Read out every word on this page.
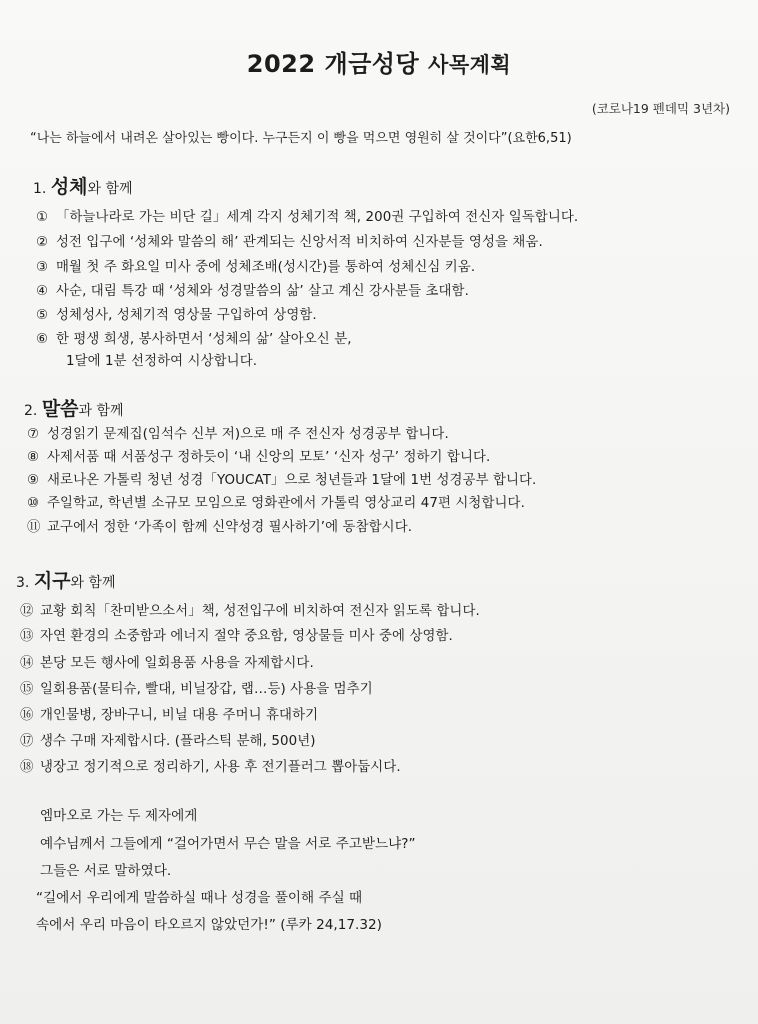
2022 개금성당 사목계획
(코로나19 펜데믹 3년차)
“나는 하늘에서 내려온 살아있는 빵이다. 누구든지 이 빵을 먹으면 영원히 살 것이다”(요한6,51)
1. 성체와 함께
① 「하늘나라로 가는 비단 길」세계 각지 성체기적 책, 200권 구입하여 전신자 일독합니다.
② 성전 입구에 ‘성체와 말씀의 해’ 관계되는 신앙서적 비치하여 신자분들 영성을 채움.
③ 매월 첫 주 화요일 미사 중에 성체조배(성시간)를 통하여 성체신심 키움.
④ 사순, 대림 특강 때 ‘성체와 성경말씀의 삶’ 살고 계신 강사분들 초대함.
⑤ 성체성사, 성체기적 영상물 구입하여 상영함.
⑥ 한 평생 희생, 봉사하면서 ‘성체의 삶’ 살아오신 분,
1달에 1분 선정하여 시상합니다.
2. 말씀과 함께
⑦ 성경읽기 문제집(임석수 신부 저)으로 매 주 전신자 성경공부 합니다.
⑧ 사제서품 때 서품성구 정하듯이 ‘내 신앙의 모토’ ‘신자 성구’ 정하기 합니다.
⑨ 새로나온 가톨릭 청년 성경「YOUCAT」으로 청년들과 1달에 1번 성경공부 합니다.
⑩ 주일학교, 학년별 소규모 모임으로 영화관에서 가톨릭 영상교리 47편 시청합니다.
⑪ 교구에서 정한 ‘가족이 함께 신약성경 필사하기’에 동참합시다.
3. 지구와 함께
⑫ 교황 회칙「찬미받으소서」책, 성전입구에 비치하여 전신자 읽도록 합니다.
⑬ 자연 환경의 소중함과 에너지 절약 중요함, 영상물들 미사 중에 상영함.
⑭ 본당 모든 행사에 일회용품 사용을 자제합시다.
⑮ 일회용품(물티슈, 빨대, 비닐장갑, 랩…등) 사용을 멈추기
⑯ 개인물병, 장바구니, 비닐 대용 주머니 휴대하기
⑰ 생수 구매 자제합시다. (플라스틱 분해, 500년)
⑱ 냉장고 정기적으로 정리하기, 사용 후 전기플러그 뽑아둡시다.
엠마오로 가는 두 제자에게
예수님께서 그들에게 “걸어가면서 무슨 말을 서로 주고받느냐?”
그들은 서로 말하였다.
“길에서 우리에게 말씀하실 때나 성경을 풀이해 주실 때
속에서 우리 마음이 타오르지 않았던가!” (루카 24,17.32)
